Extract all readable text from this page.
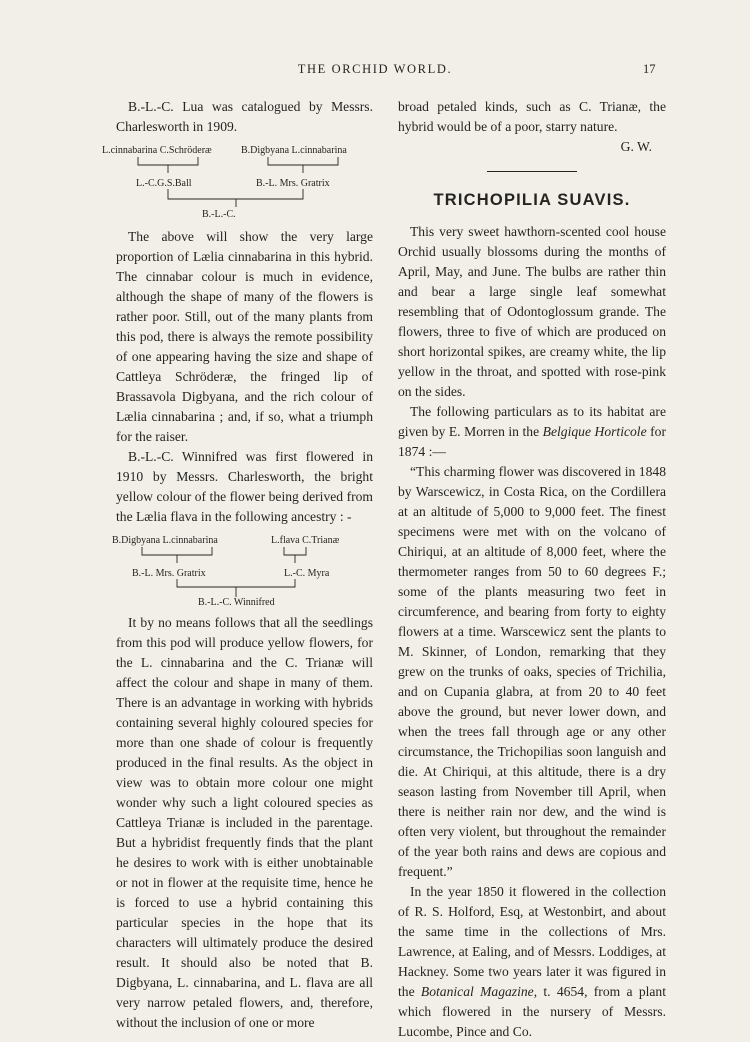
THE ORCHID WORLD.	17

B.-L.-C. Lua was catalogued by Messrs. Charlesworth in 1909.

L.cinnabarina C.Schröderæ	B.Digbyana L.cinnabarina
L.-C.G.S.Ball	B.-L. Mrs. Gratrix
B.-L.-C.

The above will show the very large proportion of Lælia cinnabarina in this hybrid. The cinnabar colour is much in evidence, although the shape of many of the flowers is rather poor. Still, out of the many plants from this pod, there is always the remote possibility of one appearing having the size and shape of Cattleya Schröderæ, the fringed lip of Brassavola Digbyana, and the rich colour of Lælia cinnabarina ; and, if so, what a triumph for the raiser.

B.-L.-C. Winnifred was first flowered in 1910 by Messrs. Charlesworth, the bright yellow colour of the flower being derived from the Lælia flava in the following ancestry : -

B.Digbyana L.cinnabarina	L.flava C.Trianæ
B.-L. Mrs. Gratrix	L.-C. Myra
B.-L.-C. Winnifred

It by no means follows that all the seedlings from this pod will produce yellow flowers, for the L. cinnabarina and the C. Trianæ will affect the colour and shape in many of them. There is an advantage in working with hybrids containing several highly coloured species for more than one shade of colour is frequently produced in the final results. As the object in view was to obtain more colour one might wonder why such a light coloured species as Cattleya Trianæ is included in the parentage. But a hybridist frequently finds that the plant he desires to work with is either unobtainable or not in flower at the requisite time, hence he is forced to use a hybrid containing this particular species in the hope that its characters will ultimately produce the desired result. It should also be noted that B. Digbyana, L. cinnabarina, and L. flava are all very narrow petaled flowers, and, therefore, without the inclusion of one or more

broad petaled kinds, such as C. Trianæ, the hybrid would be of a poor, starry nature.

G. W.
TRICHOPILIA SUAVIS.

This very sweet hawthorn-scented cool house Orchid usually blossoms during the months of April, May, and June. The bulbs are rather thin and bear a large single leaf somewhat resembling that of Odontoglossum grande. The flowers, three to five of which are produced on short horizontal spikes, are creamy white, the lip yellow in the throat, and spotted with rose-pink on the sides.

The following particulars as to its habitat are given by E. Morren in the Belgique Horticole for 1874 :—

“This charming flower was discovered in 1848 by Warscewicz, in Costa Rica, on the Cordillera at an altitude of 5,000 to 9,000 feet. The finest specimens were met with on the volcano of Chiriqui, at an altitude of 8,000 feet, where the thermometer ranges from 50 to 60 degrees F.; some of the plants measuring two feet in circumference, and bearing from forty to eighty flowers at a time. Warscewicz sent the plants to M. Skinner, of London, remarking that they grew on the trunks of oaks, species of Trichilia, and on Cupania glabra, at from 20 to 40 feet above the ground, but never lower down, and when the trees fall through age or any other circumstance, the Trichopilias soon languish and die. At Chiriqui, at this altitude, there is a dry season lasting from November till April, when there is neither rain nor dew, and the wind is often very violent, but throughout the remainder of the year both rains and dews are copious and frequent.”

In the year 1850 it flowered in the collection of R. S. Holford, Esq, at Westonbirt, and about the same time in the collections of Mrs. Lawrence, at Ealing, and of Messrs. Loddiges, at Hackney. Some two years later it was figured in the Botanical Magazine, t. 4654, from a plant which flowered in the nursery of Messrs. Lucombe, Pince and Co.
